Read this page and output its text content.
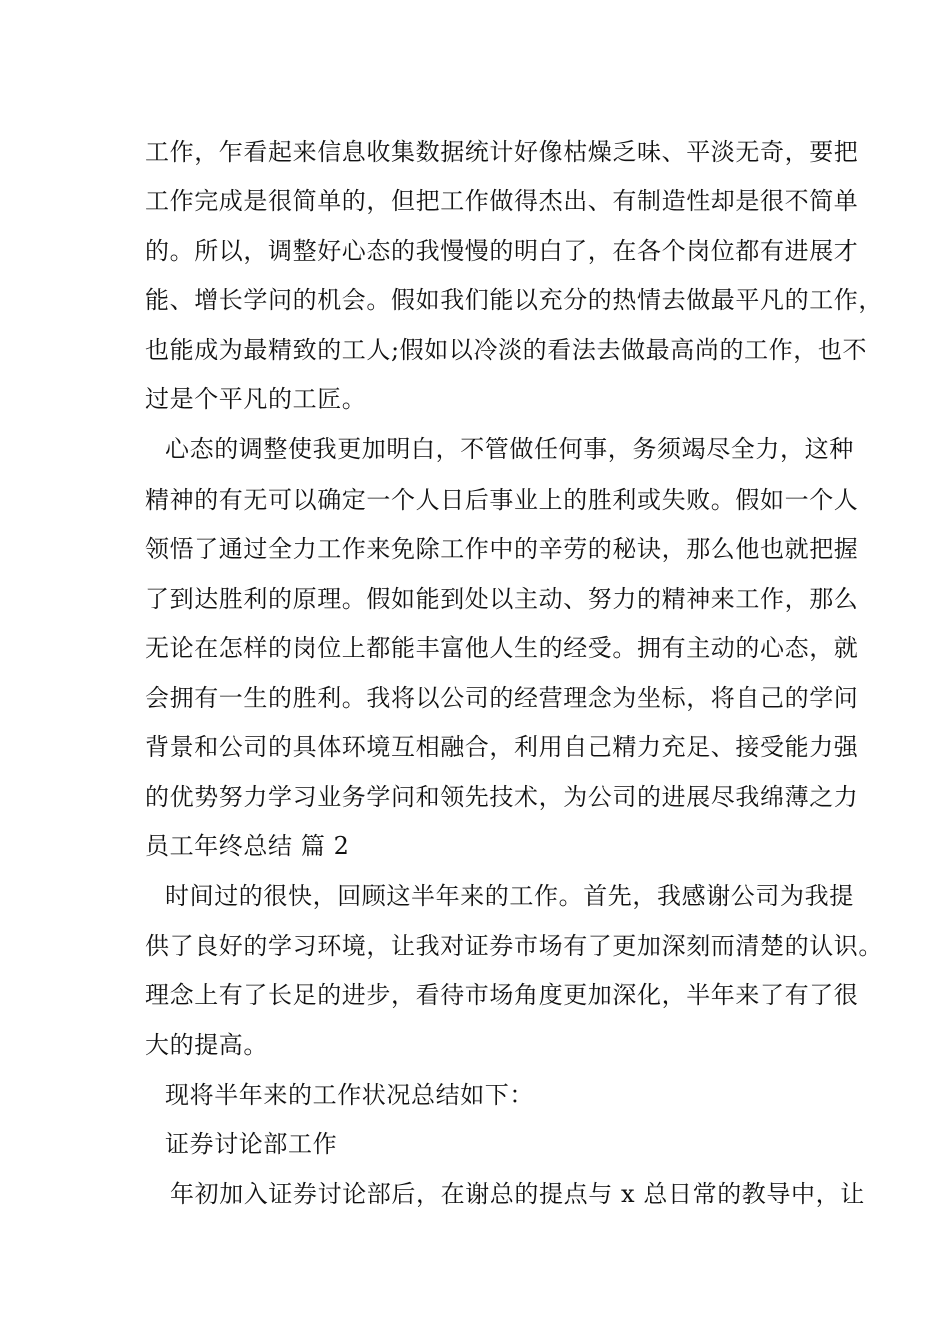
工作，乍看起来信息收集数据统计好像枯燥乏味、平淡无奇，要把
工作完成是很简单的，但把工作做得杰出、有制造性却是很不简单
的。所以，调整好心态的我慢慢的明白了，在各个岗位都有进展才
能、增长学问的机会。假如我们能以充分的热情去做最平凡的工作，
也能成为最精致的工人;假如以冷淡的看法去做最高尚的工作，也不
过是个平凡的工匠。
心态的调整使我更加明白，不管做任何事，务须竭尽全力，这种
精神的有无可以确定一个人日后事业上的胜利或失败。假如一个人
领悟了通过全力工作来免除工作中的辛劳的秘诀，那么他也就把握
了到达胜利的原理。假如能到处以主动、努力的精神来工作，那么
无论在怎样的岗位上都能丰富他人生的经受。拥有主动的心态，就
会拥有一生的胜利。我将以公司的经营理念为坐标，将自己的学问
背景和公司的具体环境互相融合，利用自己精力充足、接受能力强
的优势努力学习业务学问和领先技术，为公司的进展尽我绵薄之力
员工年终总结 篇 2
时间过的很快，回顾这半年来的工作。首先，我感谢公司为我提
供了良好的学习环境，让我对证券市场有了更加深刻而清楚的认识。
理念上有了长足的进步，看待市场角度更加深化，半年来了有了很
大的提高。
现将半年来的工作状况总结如下：
证券讨论部工作
年初加入证券讨论部后，在谢总的提点与 x 总日常的教导中，让
